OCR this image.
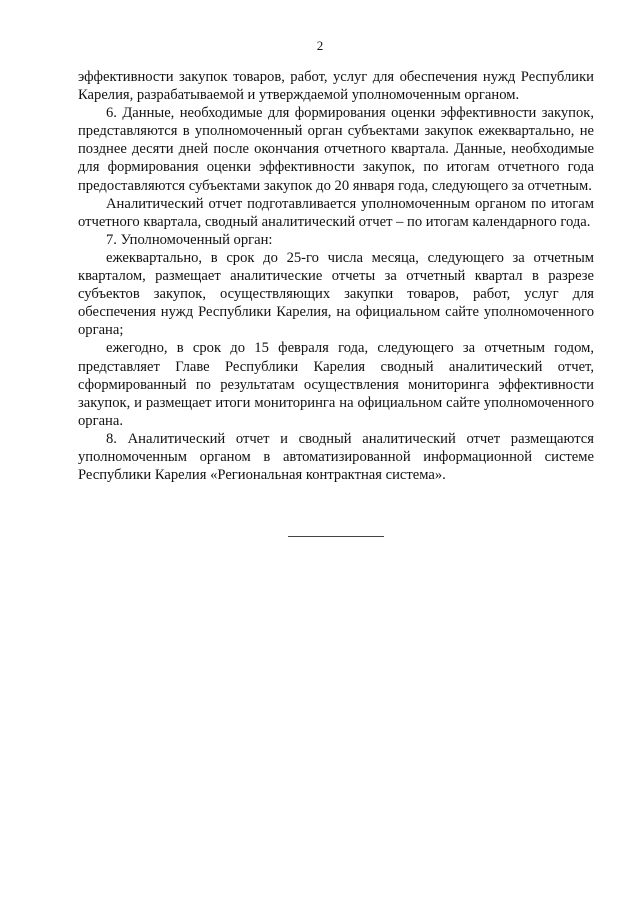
2

эффективности закупок товаров, работ, услуг для обеспечения нужд Республики Карелия, разрабатываемой и утверждаемой уполномоченным органом.

6. Данные, необходимые для формирования оценки эффективности закупок, представляются в уполномоченный орган субъектами закупок ежеквартально, не позднее десяти дней после окончания отчетного квартала. Данные, необходимые для формирования оценки эффективности закупок, по итогам отчетного года предоставляются субъектами закупок до 20 января года, следующего за отчетным.

Аналитический отчет подготавливается уполномоченным органом по итогам отчетного квартала, сводный аналитический отчет – по итогам календарного года.

7. Уполномоченный орган:

ежеквартально, в срок до 25-го числа месяца, следующего за отчетным кварталом, размещает аналитические отчеты за отчетный квартал в разрезе субъектов закупок, осуществляющих закупки товаров, работ, услуг для обеспечения нужд Республики Карелия, на официальном сайте уполномоченного органа;

ежегодно, в срок до 15 февраля года, следующего за отчетным годом, представляет Главе Республики Карелия сводный аналитический отчет, сформированный по результатам осуществления мониторинга эффективности закупок, и размещает итоги мониторинга на официальном сайте уполномоченного органа.

8. Аналитический отчет и сводный аналитический отчет размещаются уполномоченным органом в автоматизированной информационной системе Республики Карелия «Региональная контрактная система».
